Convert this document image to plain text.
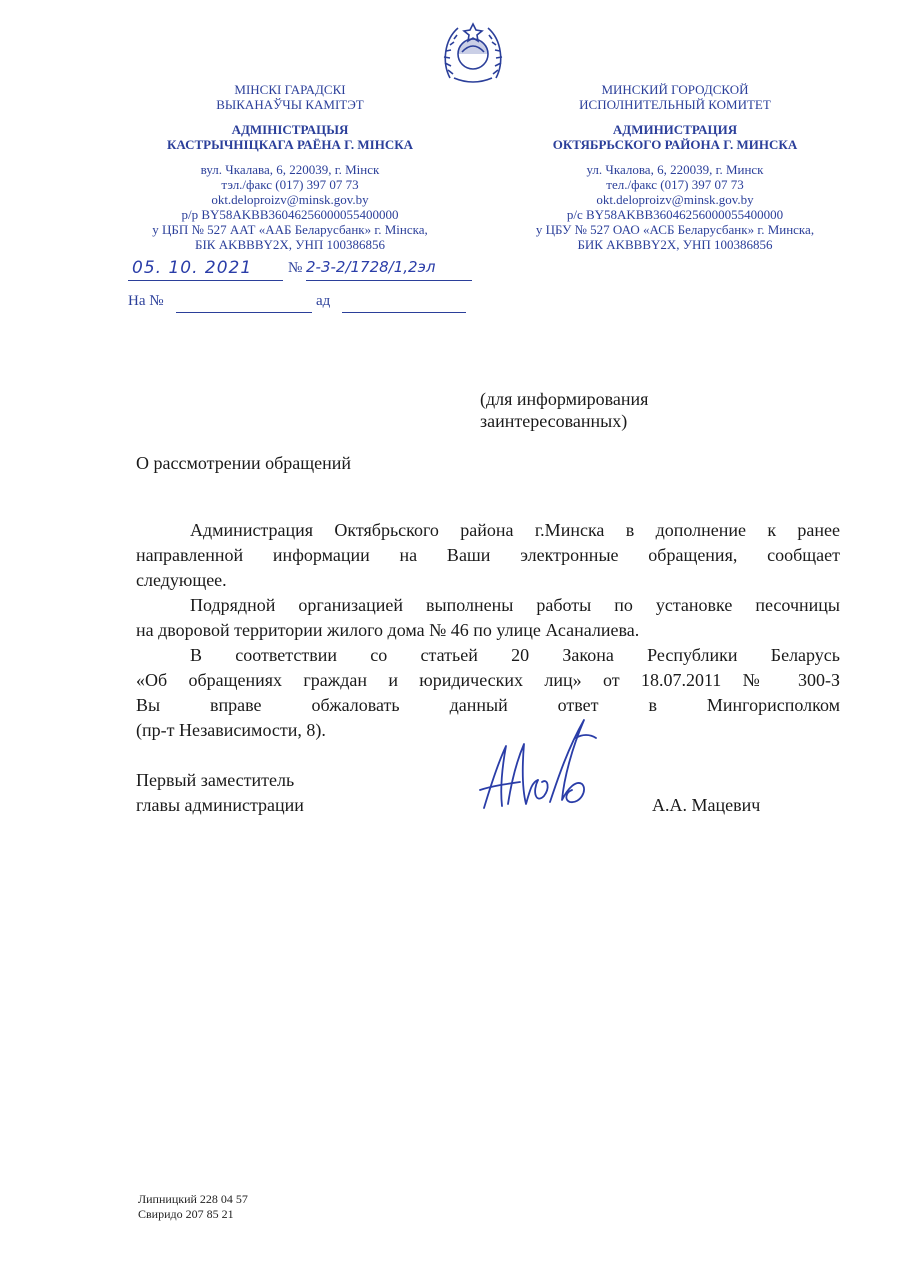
МІНСКІ ГАРАДСКІ
ВЫКАНАЎЧЫ КАМІТЭТ
АДМІНІСТРАЦЫЯ
КАСТРЫЧНІЦКАГА РАЁНА Г. МІНСКА
вул. Чкалава, 6, 220039, г. Мінск
тэл./факс (017) 397 07 73
okt.deloproizv@minsk.gov.by
р/р BY58AKBB36046256000055400000
у ЦБП № 527 ААТ «ААБ Беларусбанк» г. Мінска,
БІК AKBBBY2X, УНП 100386856
МИНСКИЙ ГОРОДСКОЙ
ИСПОЛНИТЕЛЬНЫЙ КОМИТЕТ
АДМИНИСТРАЦИЯ
ОКТЯБРЬСКОГО РАЙОНА Г. МИНСКА
ул. Чкалова, 6, 220039, г. Минск
тел./факс (017) 397 07 73
okt.deloproizv@minsk.gov.by
р/с BY58AKBB36046256000055400000
у ЦБУ № 527 ОАО «АСБ Беларусбанк» г. Минска,
БИК AKBBBY2X, УНП 100386856
05. 10. 2021 № 2-3-2/1728/1,2эл
На №	ад
(для информирования
заинтересованных)
О рассмотрении обращений
Администрация Октябрьского района г.Минска в дополнение к ранее
направленной информации на Ваши электронные обращения, сообщает
следующее.
Подрядной организацией выполнены работы по установке песочницы
на дворовой территории жилого дома № 46 по улице Асаналиева.
В соответствии со статьей 20 Закона Республики Беларусь
«Об обращениях граждан и юридических лиц» от 18.07.2011 № 300-З
Вы вправе обжаловать данный ответ в Мингорисполком
(пр-т Независимости, 8).
Первый заместитель
главы администрации	А.А. Мацевич
Липницкий 228 04 57
Свиридо 207 85 21
